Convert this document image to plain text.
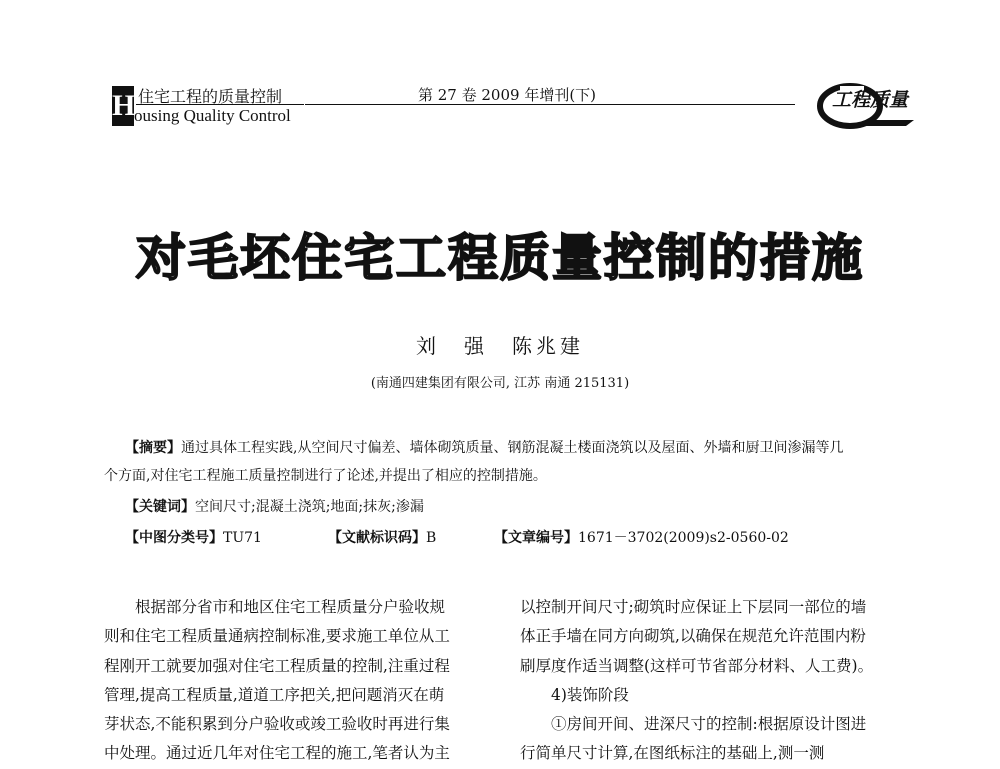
H 住宅工程的质量控制
ousing Quality Control
第 27 卷 2009 年增刊(下)	工程质量
对毛坯住宅工程质量控制的措施
刘　强　陈兆建
(南通四建集团有限公司, 江苏 南通 215131)
【摘要】通过具体工程实践,从空间尺寸偏差、墙体砌筑质量、钢筋混凝土楼面浇筑以及屋面、外墙和厨卫间渗漏等几
个方面,对住宅工程施工质量控制进行了论述,并提出了相应的控制措施。
【关键词】空间尺寸;混凝土浇筑;地面;抹灰;渗漏
【中图分类号】TU71	【文献标识码】B	【文章编号】1671－3702(2009)s2-0560-02
　　根据部分省市和地区住宅工程质量分户验收规
则和住宅工程质量通病控制标准,要求施工单位从工
程刚开工就要加强对住宅工程质量的控制,注重过程
管理,提高工程质量,道道工序把关,把问题消灭在萌
芽状态,不能积累到分户验收或竣工验收时再进行集
中处理。通过近几年对住宅工程的施工,笔者认为主
以控制开间尺寸;砌筑时应保证上下层同一部位的墙
体正手墙在同方向砌筑,以确保在规范允许范围内粉
刷厚度作适当调整(这样可节省部分材料、人工费)。
　　4)装饰阶段
　　①房间开间、进深尺寸的控制:根据原设计图进
行简单尺寸计算,在图纸标注的基础上,测一测
